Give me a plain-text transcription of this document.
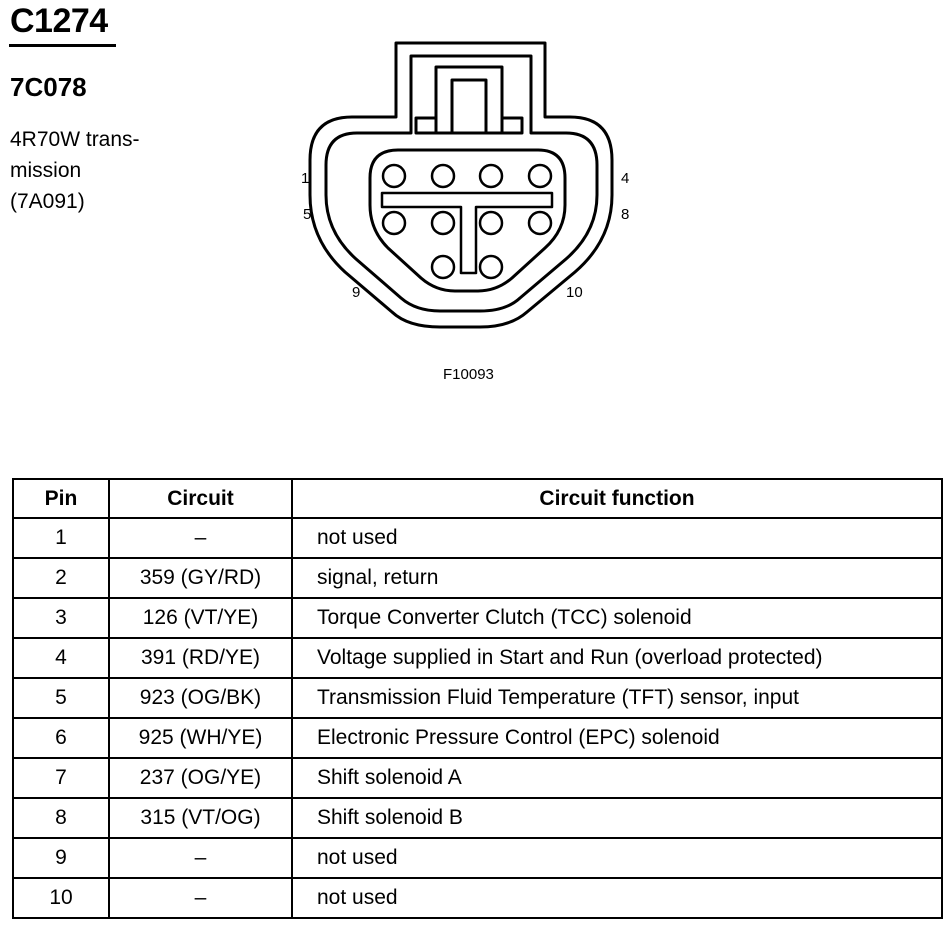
C1274
7C078
4R70W trans-
mission
(7A091)
1	4
5	8
9	10
F10093
Pin	Circuit	Circuit function
1	–	not used
2	359 (GY/RD)	signal, return
3	126 (VT/YE)	Torque Converter Clutch (TCC) solenoid
4	391 (RD/YE)	Voltage supplied in Start and Run (overload protected)
5	923 (OG/BK)	Transmission Fluid Temperature (TFT) sensor, input
6	925 (WH/YE)	Electronic Pressure Control (EPC) solenoid
7	237 (OG/YE)	Shift solenoid A
8	315 (VT/OG)	Shift solenoid B
9	–	not used
10	–	not used
